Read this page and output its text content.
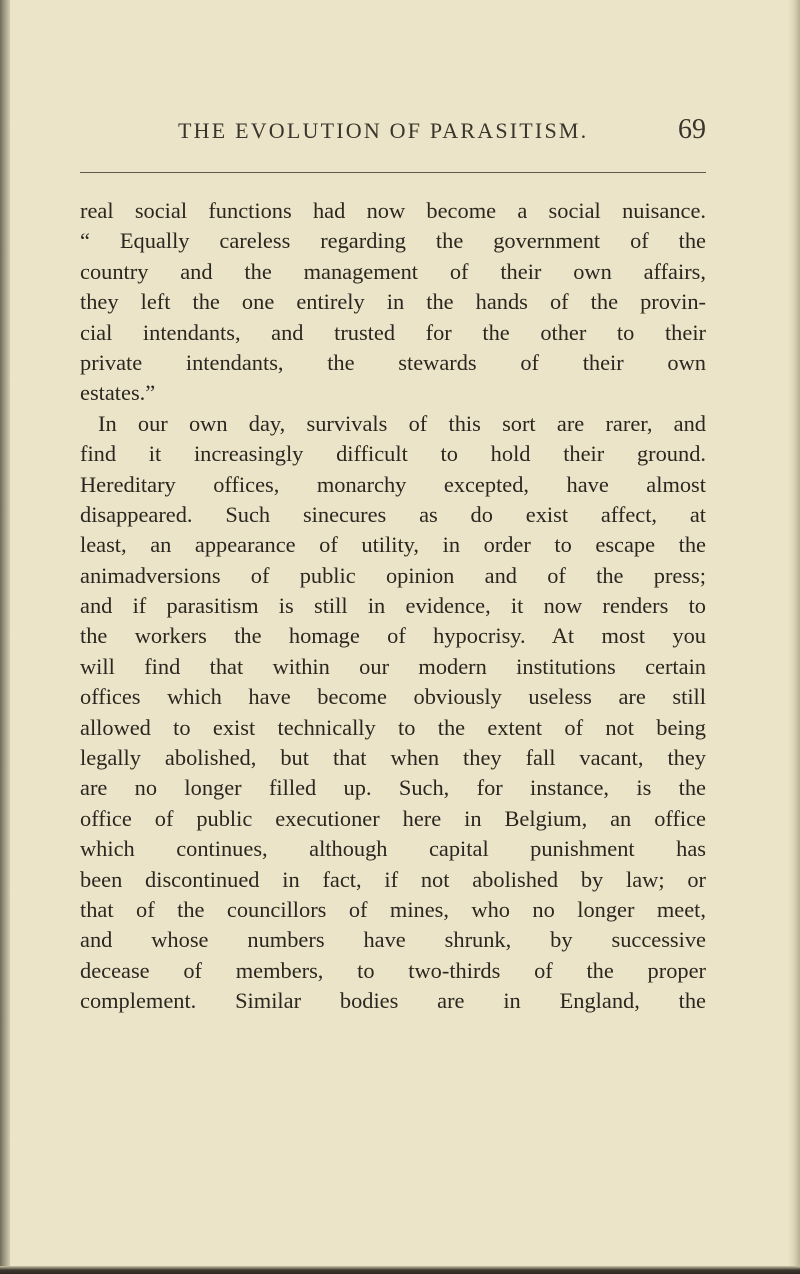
THE EVOLUTION OF PARASITISM.	69
real social functions had now become a social nuisance.
“ Equally careless regarding the government of the
country and the management of their own affairs,
they left the one entirely in the hands of the provin-
cial intendants, and trusted for the other to their
private intendants, the stewards of their own
estates.”
In our own day, survivals of this sort are rarer, and
find it increasingly difficult to hold their ground.
Hereditary offices, monarchy excepted, have almost
disappeared. Such sinecures as do exist affect, at
least, an appearance of utility, in order to escape the
animadversions of public opinion and of the press;
and if parasitism is still in evidence, it now renders to
the workers the homage of hypocrisy. At most you
will find that within our modern institutions certain
offices which have become obviously useless are still
allowed to exist technically to the extent of not being
legally abolished, but that when they fall vacant, they
are no longer filled up. Such, for instance, is the
office of public executioner here in Belgium, an office
which continues, although capital punishment has
been discontinued in fact, if not abolished by law; or
that of the councillors of mines, who no longer meet,
and whose numbers have shrunk, by successive
decease of members, to two-thirds of the proper
complement. Similar bodies are in England, the
